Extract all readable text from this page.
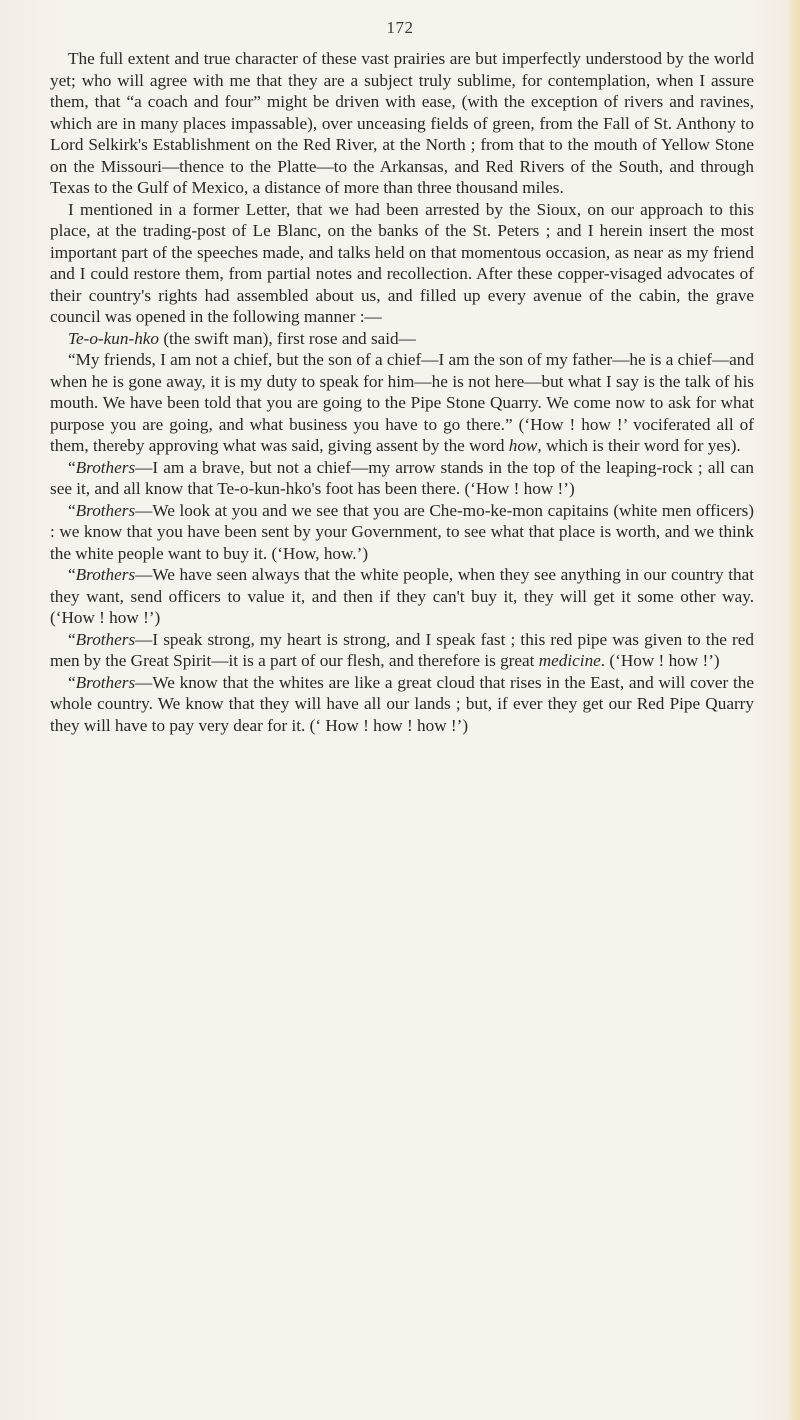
172

The full extent and true character of these vast prairies are but imperfectly understood by the world yet; who will agree with me that they are a subject truly sublime, for contemplation, when I assure them, that “a coach and four” might be driven with ease, (with the exception of rivers and ravines, which are in many places impassable), over unceasing fields of green, from the Fall of St. Anthony to Lord Selkirk's Establishment on the Red River, at the North ; from that to the mouth of Yellow Stone on the Missouri—thence to the Platte—to the Arkansas, and Red Rivers of the South, and through Texas to the Gulf of Mexico, a distance of more than three thousand miles.

I mentioned in a former Letter, that we had been arrested by the Sioux, on our approach to this place, at the trading-post of Le Blanc, on the banks of the St. Peters ; and I herein insert the most important part of the speeches made, and talks held on that momentous occasion, as near as my friend and I could restore them, from partial notes and recollection. After these copper-visaged advocates of their country's rights had assembled about us, and filled up every avenue of the cabin, the grave council was opened in the following manner :—

Te-o-kun-hko (the swift man), first rose and said—

“My friends, I am not a chief, but the son of a chief—I am the son of my father—he is a chief—and when he is gone away, it is my duty to speak for him—he is not here—but what I say is the talk of his mouth. We have been told that you are going to the Pipe Stone Quarry. We come now to ask for what purpose you are going, and what business you have to go there.” (‘How ! how !’ vociferated all of them, thereby approving what was said, giving assent by the word how, which is their word for yes).

“Brothers—I am a brave, but not a chief—my arrow stands in the top of the leaping-rock ; all can see it, and all know that Te-o-kun-hko's foot has been there. (‘How ! how !’)

“Brothers—We look at you and we see that you are Che-mo-ke-mon capitains (white men officers) : we know that you have been sent by your Government, to see what that place is worth, and we think the white people want to buy it. (‘How, how.’)

“Brothers—We have seen always that the white people, when they see anything in our country that they want, send officers to value it, and then if they can't buy it, they will get it some other way. (‘How ! how !’)

“Brothers—I speak strong, my heart is strong, and I speak fast ; this red pipe was given to the red men by the Great Spirit—it is a part of our flesh, and therefore is great medicine. (‘How ! how !’)

“Brothers—We know that the whites are like a great cloud that rises in the East, and will cover the whole country. We know that they will have all our lands ; but, if ever they get our Red Pipe Quarry they will have to pay very dear for it. (‘ How ! how ! how !’)
